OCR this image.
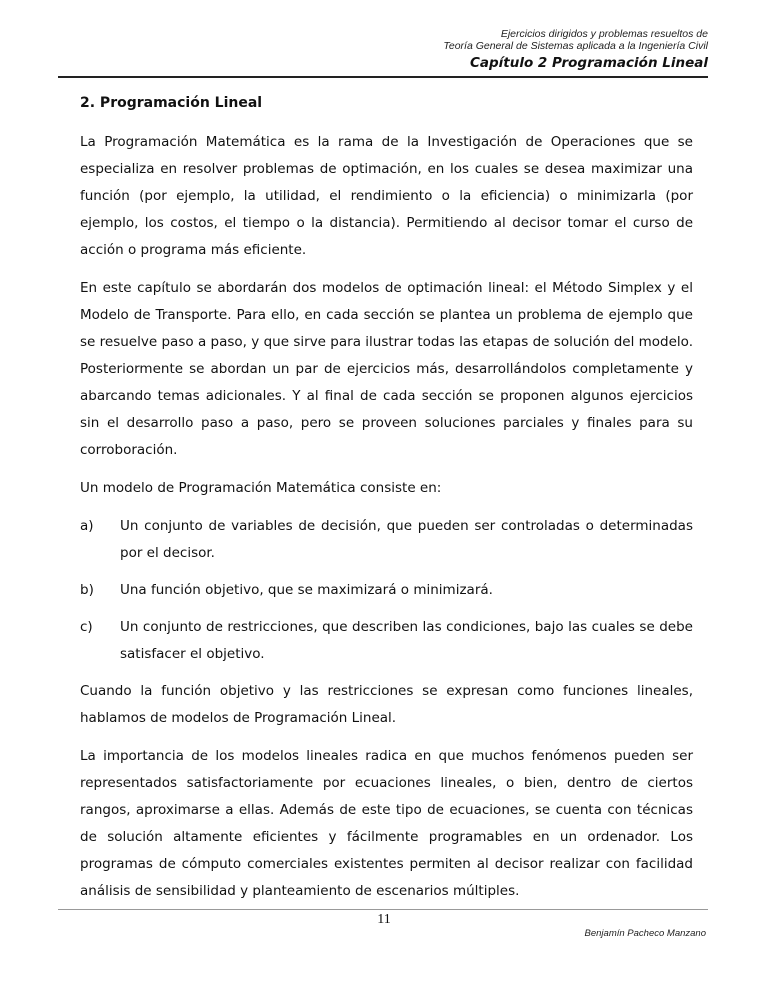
Ejercicios dirigidos y problemas resueltos de
Teoría General de Sistemas aplicada a la Ingeniería Civil
Capítulo 2 Programación Lineal
2. Programación Lineal

La Programación Matemática es la rama de la Investigación de Operaciones que se especializa en resolver problemas de optimación, en los cuales se desea maximizar una función (por ejemplo, la utilidad, el rendimiento o la eficiencia) o minimizarla (por ejemplo, los costos, el tiempo o la distancia). Permitiendo al decisor tomar el curso de acción o programa más eficiente.

En este capítulo se abordarán dos modelos de optimación lineal: el Método Simplex y el Modelo de Transporte. Para ello, en cada sección se plantea un problema de ejemplo que se resuelve paso a paso, y que sirve para ilustrar todas las etapas de solución del modelo. Posteriormente se abordan un par de ejercicios más, desarrollándolos completamente y abarcando temas adicionales. Y al final de cada sección se proponen algunos ejercicios sin el desarrollo paso a paso, pero se proveen soluciones parciales y finales para su corroboración.

Un modelo de Programación Matemática consiste en:

a)	Un conjunto de variables de decisión, que pueden ser controladas o determinadas por el decisor.
b)	Una función objetivo, que se maximizará o minimizará.
c)	Un conjunto de restricciones, que describen las condiciones, bajo las cuales se debe satisfacer el objetivo.

Cuando la función objetivo y las restricciones se expresan como funciones lineales, hablamos de modelos de Programación Lineal.

La importancia de los modelos lineales radica en que muchos fenómenos pueden ser representados satisfactoriamente por ecuaciones lineales, o bien, dentro de ciertos rangos, aproximarse a ellas. Además de este tipo de ecuaciones, se cuenta con técnicas de solución altamente eficientes y fácilmente programables en un ordenador. Los programas de cómputo comerciales existentes permiten al decisor realizar con facilidad análisis de sensibilidad y planteamiento de escenarios múltiples.

11
Benjamín Pacheco Manzano
